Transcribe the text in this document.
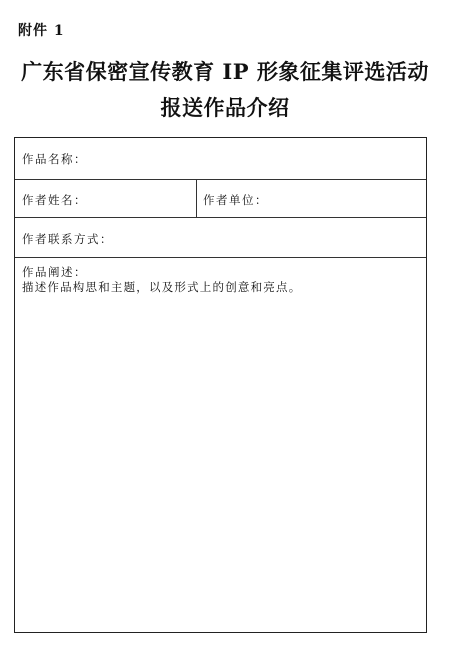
附件 1
广东省保密宣传教育 IP 形象征集评选活动
报送作品介绍
作品名称：
作者姓名：	作者单位：
作者联系方式：
作品阐述：
描述作品构思和主题，以及形式上的创意和亮点。
